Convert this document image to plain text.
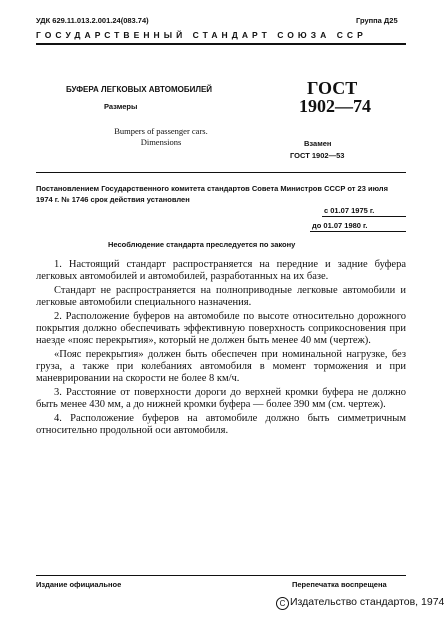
УДК 629.11.013.2.001.24(083.74)	Группа Д25
ГОСУДАРСТВЕННЫЙ СТАНДАРТ СОЮЗА ССР
БУФЕРА ЛЕГКОВЫХ АВТОМОБИЛЕЙ
Размеры
Bumpers of passenger cars. Dimensions
ГОСТ
1902—74
Взамен
ГОСТ 1902—53
Постановлением Государственного комитета стандартов Совета Министров СССР от 23 июля 1974 г. № 1746 срок действия установлен
с 01.07 1975 г.
до 01.07 1980 г.
Несоблюдение стандарта преследуется по закону

1. Настоящий стандарт распространяется на передние и задние буфера легковых автомобилей и автомобилей, разработанных на их базе.

Стандарт не распространяется на полноприводные легковые автомобили и легковые автомобили специального назначения.

2. Расположение буферов на автомобиле по высоте относительно дорожного покрытия должно обеспечивать эффективную поверхность соприкосновения при наезде «пояс перекрытия», который не должен быть менее 40 мм (чертеж).

«Пояс перекрытия» должен быть обеспечен при номинальной нагрузке, без груза, а также при колебаниях автомобиля в момент торможения и при маневрировании на скорости не более 8 км/ч.

3. Расстояние от поверхности дороги до верхней кромки буфера не должно быть менее 430 мм, а до нижней кромки буфера — более 390 мм (см. чертеж).

4. Расположение буферов на автомобиле должно быть симметричным относительно продольной оси автомобиля.

Издание официальное	Перепечатка воспрещена
С Издательство стандартов, 1974
